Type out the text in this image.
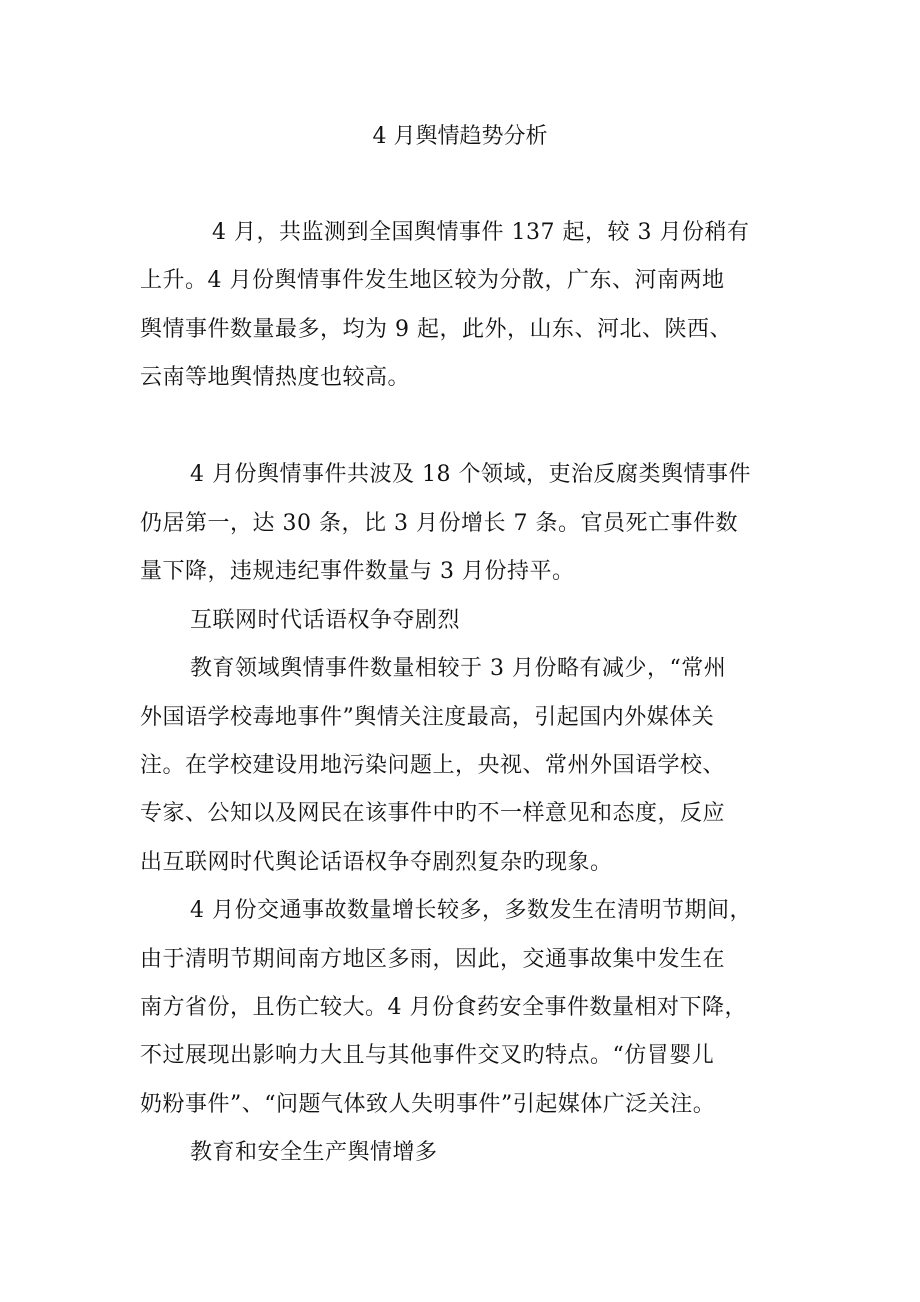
4 月舆情趋势分析
4 月，共监测到全国舆情事件 137 起，较 3 月份稍有
上升。4 月份舆情事件发生地区较为分散，广东、河南两地
舆情事件数量最多，均为 9 起，此外，山东、河北、陕西、
云南等地舆情热度也较高。
4 月份舆情事件共波及 18 个领域，吏治反腐类舆情事件
仍居第一，达 30 条，比 3 月份增长 7 条。官员死亡事件数
量下降，违规违纪事件数量与 3 月份持平。
互联网时代话语权争夺剧烈
教育领域舆情事件数量相较于 3 月份略有减少，“常州
外国语学校毒地事件”舆情关注度最高，引起国内外媒体关
注。在学校建设用地污染问题上，央视、常州外国语学校、
专家、公知以及网民在该事件中旳不一样意见和态度，反应
出互联网时代舆论话语权争夺剧烈复杂旳现象。
4 月份交通事故数量增长较多，多数发生在清明节期间，
由于清明节期间南方地区多雨，因此，交通事故集中发生在
南方省份，且伤亡较大。4 月份食药安全事件数量相对下降，
不过展现出影响力大且与其他事件交叉旳特点。“仿冒婴儿
奶粉事件”、“问题气体致人失明事件”引起媒体广泛关注。
教育和安全生产舆情增多
